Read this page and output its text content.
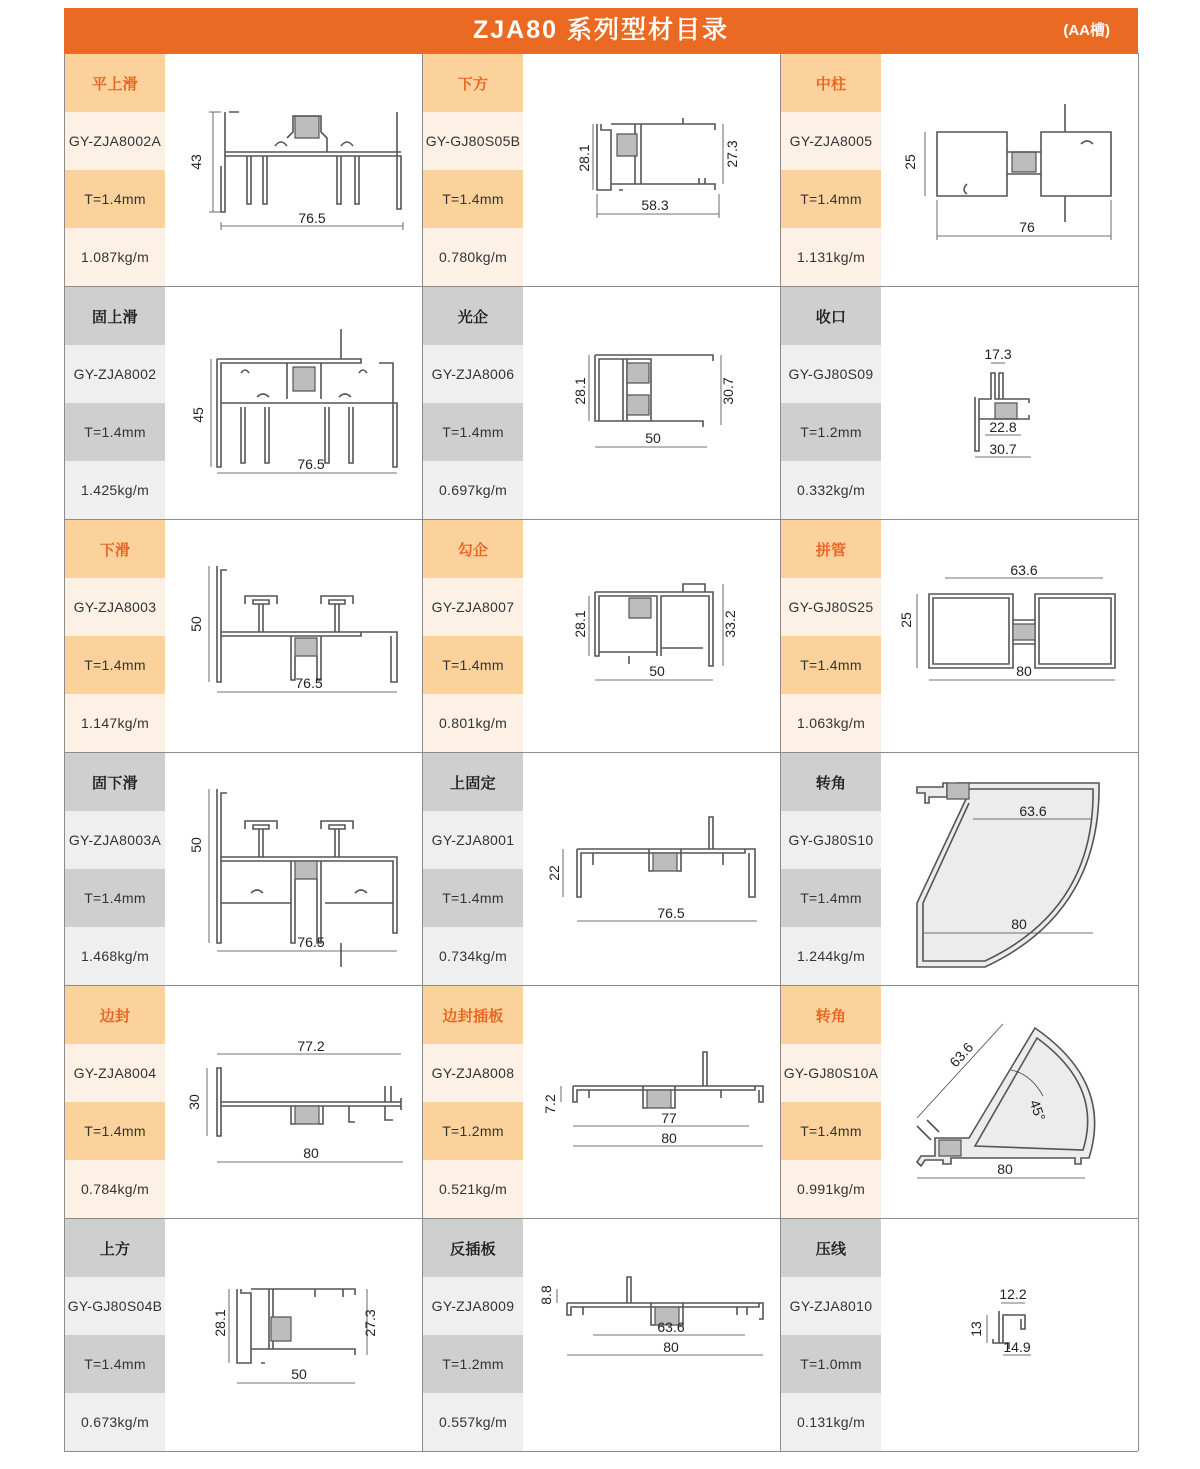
ZJA80 系列型材目录	(AA槽)
平上滑
GY-ZJA8002A
T=1.4mm
1.087kg/m
43
76.5
下方
GY-GJ80S05B
T=1.4mm
0.780kg/m
28.1	27.3
58.3
中柱
GY-ZJA8005
T=1.4mm
1.131kg/m
25
76
固上滑
GY-ZJA8002
T=1.4mm
1.425kg/m
45
76.5
光企
GY-ZJA8006
T=1.4mm
0.697kg/m
28.1	30.7
50
收口
GY-GJ80S09
T=1.2mm
0.332kg/m
17.3
22.8
30.7
下滑
GY-ZJA8003
T=1.4mm
1.147kg/m
50
76.5
勾企
GY-ZJA8007
T=1.4mm
0.801kg/m
28.1	33.2
50
拼管
GY-GJ80S25
T=1.4mm
1.063kg/m
63.6
25
80
固下滑
GY-ZJA8003A
T=1.4mm
1.468kg/m
50
76.5
上固定
GY-ZJA8001
T=1.4mm
0.734kg/m
22
76.5
转角
GY-GJ80S10
T=1.4mm
1.244kg/m
63.6
80
边封
GY-ZJA8004
T=1.4mm
0.784kg/m
77.2
30
80
边封插板
GY-ZJA8008
T=1.2mm
0.521kg/m
7.2
77
80
转角
GY-GJ80S10A
T=1.4mm
0.991kg/m
63.6
45°
80
上方
GY-GJ80S04B
T=1.4mm
0.673kg/m
28.1	27.3
50
反插板
GY-ZJA8009
T=1.2mm
0.557kg/m
8.8
63.6
80
压线
GY-ZJA8010
T=1.0mm
0.131kg/m
12.2
13
14.9
